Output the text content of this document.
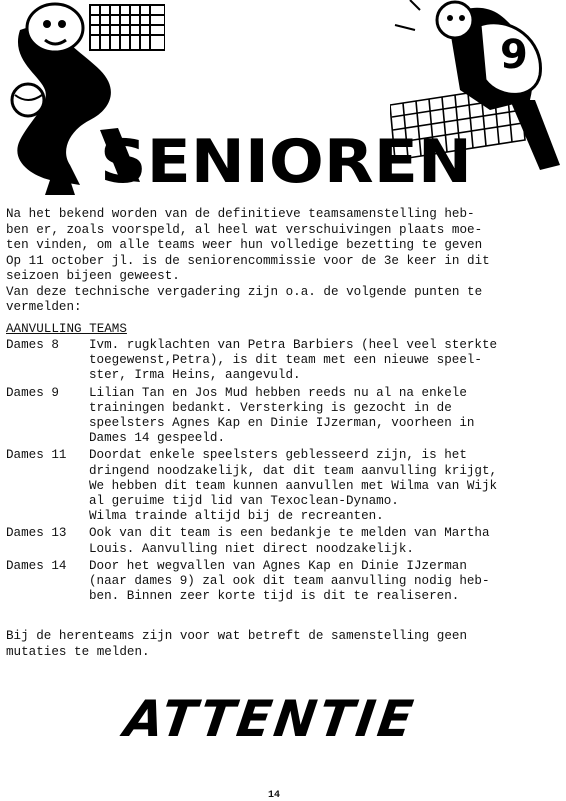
9
SENIOREN
Na het bekend worden van de definitieve teamsamenstelling heb-
ben er, zoals voorspeld, al heel wat verschuivingen plaats moe-
ten vinden, om alle teams weer hun volledige bezetting te geven
Op 11 october jl. is de seniorencommissie voor de 3e keer in dit
seizoen bijeen geweest.
Van deze technische vergadering zijn o.a. de volgende punten te
vermelden:
AANVULLING TEAMS
Dames 8	Ivm. rugklachten van Petra Barbiers (heel veel sterkte
toegewenst,Petra), is dit team met een nieuwe speel-
ster, Irma Heins, aangevuld.
Dames 9	Lilian Tan en Jos Mud hebben reeds nu al na enkele
trainingen bedankt. Versterking is gezocht in de
speelsters Agnes Kap en Dinie IJzerman, voorheen in
Dames 14 gespeeld.
Dames 11	Doordat enkele speelsters geblesseerd zijn, is het
dringend noodzakelijk, dat dit team aanvulling krijgt,
We hebben dit team kunnen aanvullen met Wilma van Wijk
al geruime tijd lid van Texoclean-Dynamo.
Wilma trainde altijd bij de recreanten.
Dames 13	Ook van dit team is een bedankje te melden van Martha
Louis. Aanvulling niet direct noodzakelijk.
Dames 14	Door het wegvallen van Agnes Kap en Dinie IJzerman
(naar dames 9) zal ook dit team aanvulling nodig heb-
ben. Binnen zeer korte tijd is dit te realiseren.
Bij de herenteams zijn voor wat betreft de samenstelling geen
mutaties te melden.
ATTENTIE
14
